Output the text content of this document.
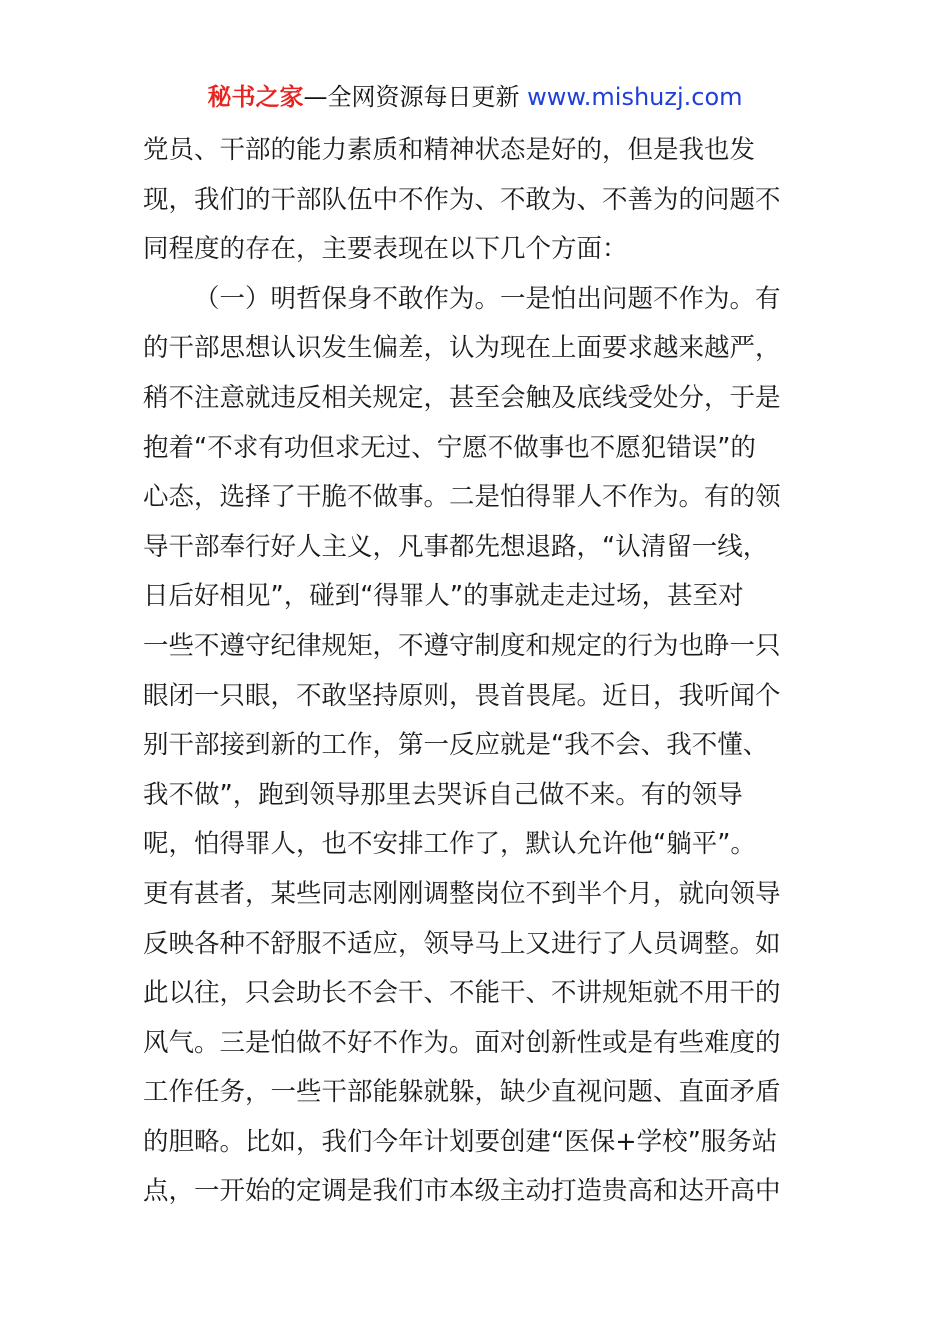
秘书之家—全网资源每日更新 www.mishuzj.com
党员、干部的能力素质和精神状态是好的，但是我也发
现，我们的干部队伍中不作为、不敢为、不善为的问题不
同程度的存在，主要表现在以下几个方面：
（一）明哲保身不敢作为。一是怕出问题不作为。有
的干部思想认识发生偏差，认为现在上面要求越来越严，
稍不注意就违反相关规定，甚至会触及底线受处分，于是
抱着“不求有功但求无过、宁愿不做事也不愿犯错误”的
心态，选择了干脆不做事。二是怕得罪人不作为。有的领
导干部奉行好人主义，凡事都先想退路，“认清留一线，
日后好相见”，碰到“得罪人”的事就走走过场，甚至对
一些不遵守纪律规矩，不遵守制度和规定的行为也睁一只
眼闭一只眼，不敢坚持原则，畏首畏尾。近日，我听闻个
别干部接到新的工作，第一反应就是“我不会、我不懂、
我不做”，跑到领导那里去哭诉自己做不来。有的领导
呢，怕得罪人，也不安排工作了，默认允许他“躺平”。
更有甚者，某些同志刚刚调整岗位不到半个月，就向领导
反映各种不舒服不适应，领导马上又进行了人员调整。如
此以往，只会助长不会干、不能干、不讲规矩就不用干的
风气。三是怕做不好不作为。面对创新性或是有些难度的
工作任务，一些干部能躲就躲，缺少直视问题、直面矛盾
的胆略。比如，我们今年计划要创建“医保+学校”服务站
点，一开始的定调是我们市本级主动打造贵高和达开高中
